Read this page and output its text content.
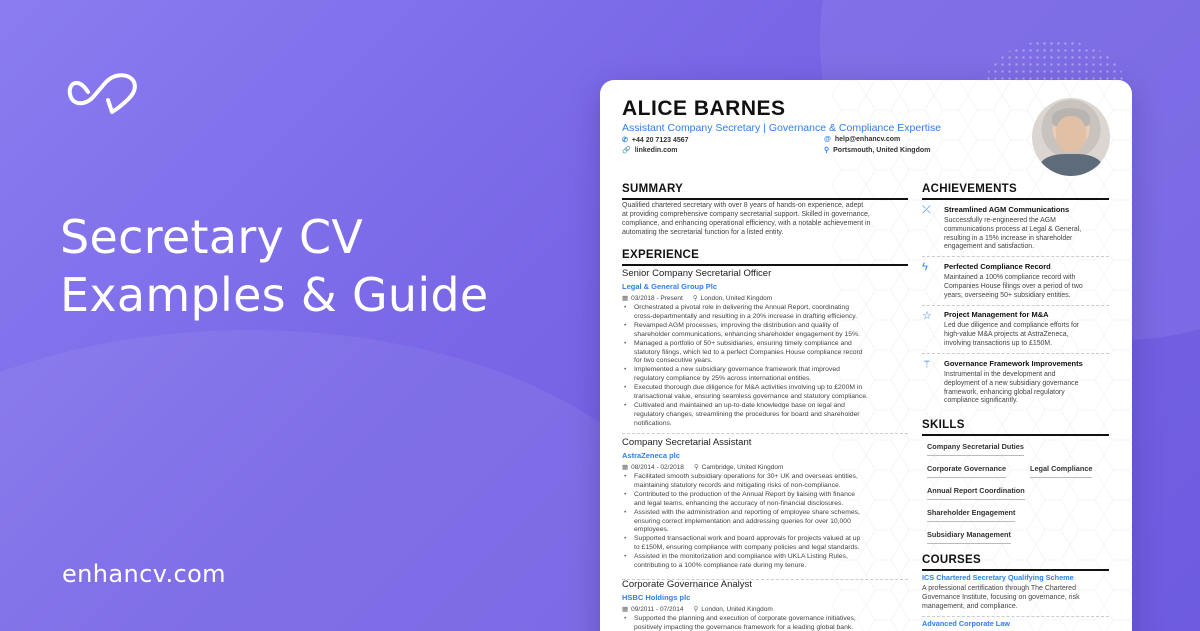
Secretary CV
Examples & Guide
enhancv.com
ALICE BARNES
Assistant Company Secretary | Governance & Compliance Expertise
✆ +44 20 7123 4567	@ help@enhancv.com
🔗 linkedin.com	⚲ Portsmouth, United Kingdom
SUMMARY
Qualified chartered secretary with over 8 years of hands-on experience, adept
at providing comprehensive company secretarial support. Skilled in governance,
compliance, and enhancing operational efficiency, with a notable achievement in
automating the secretarial function for a listed entity.
EXPERIENCE
Senior Company Secretarial Officer
Legal & General Group Plc
▦ 03/2018 - Present ⚲ London, United Kingdom
• Orchestrated a pivotal role in delivering the Annual Report, coordinating
cross-departmentally and resulting in a 20% increase in drafting efficiency.
• Revamped AGM processes, improving the distribution and quality of
shareholder communications, enhancing shareholder engagement by 15%.
• Managed a portfolio of 50+ subsidiaries, ensuring timely compliance and
statutory filings, which led to a perfect Companies House compliance record
for two consecutive years.
• Implemented a new subsidiary governance framework that improved
regulatory compliance by 25% across international entities.
• Executed thorough due diligence for M&A activities involving up to £200M in
transactional value, ensuring seamless governance and statutory compliance.
• Cultivated and maintained an up-to-date knowledge base on legal and
regulatory changes, streamlining the procedures for board and shareholder
notifications.
Company Secretarial Assistant
AstraZeneca plc
▦ 08/2014 - 02/2018 ⚲ Cambridge, United Kingdom
• Facilitated smooth subsidiary operations for 30+ UK and overseas entities,
maintaining statutory records and mitigating risks of non-compliance.
• Contributed to the production of the Annual Report by liaising with finance
and legal teams, enhancing the accuracy of non-financial disclosures.
• Assisted with the administration and reporting of employee share schemes,
ensuring correct implementation and addressing queries for over 10,000
employees.
• Supported transactional work and board approvals for projects valued at up
to £150M, ensuring compliance with company policies and legal standards.
• Assisted in the monitorization and compliance with UKLA Listing Rules,
contributing to a 100% compliance rate during my tenure.
Corporate Governance Analyst
HSBC Holdings plc
▦ 09/2011 - 07/2014 ⚲ London, United Kingdom
• Supported the planning and execution of corporate governance initiatives,
positively impacting the governance framework for a leading global bank.
ACHIEVEMENTS
⤫ Streamlined AGM Communications
Successfully re-engineered the AGM
communications process at Legal & General,
resulting in a 15% increase in shareholder
engagement and satisfaction.
ϟ Perfected Compliance Record
Maintained a 100% compliance record with
Companies House filings over a period of two
years, overseeing 50+ subsidiary entities.
☆ Project Management for M&A
Led due diligence and compliance efforts for
high-value M&A projects at AstraZeneca,
involving transactions up to £150M.
⚚ Governance Framework Improvements
Instrumental in the development and
deployment of a new subsidiary governance
framework, enhancing global regulatory
compliance significantly.
SKILLS
Company Secretarial Duties
Corporate Governance	Legal Compliance
Annual Report Coordination
Shareholder Engagement
Subsidiary Management
COURSES
ICS Chartered Secretary Qualifying Scheme
A professional certification through The Chartered
Governance Institute, focusing on governance, risk
management, and compliance.
Advanced Corporate Law
